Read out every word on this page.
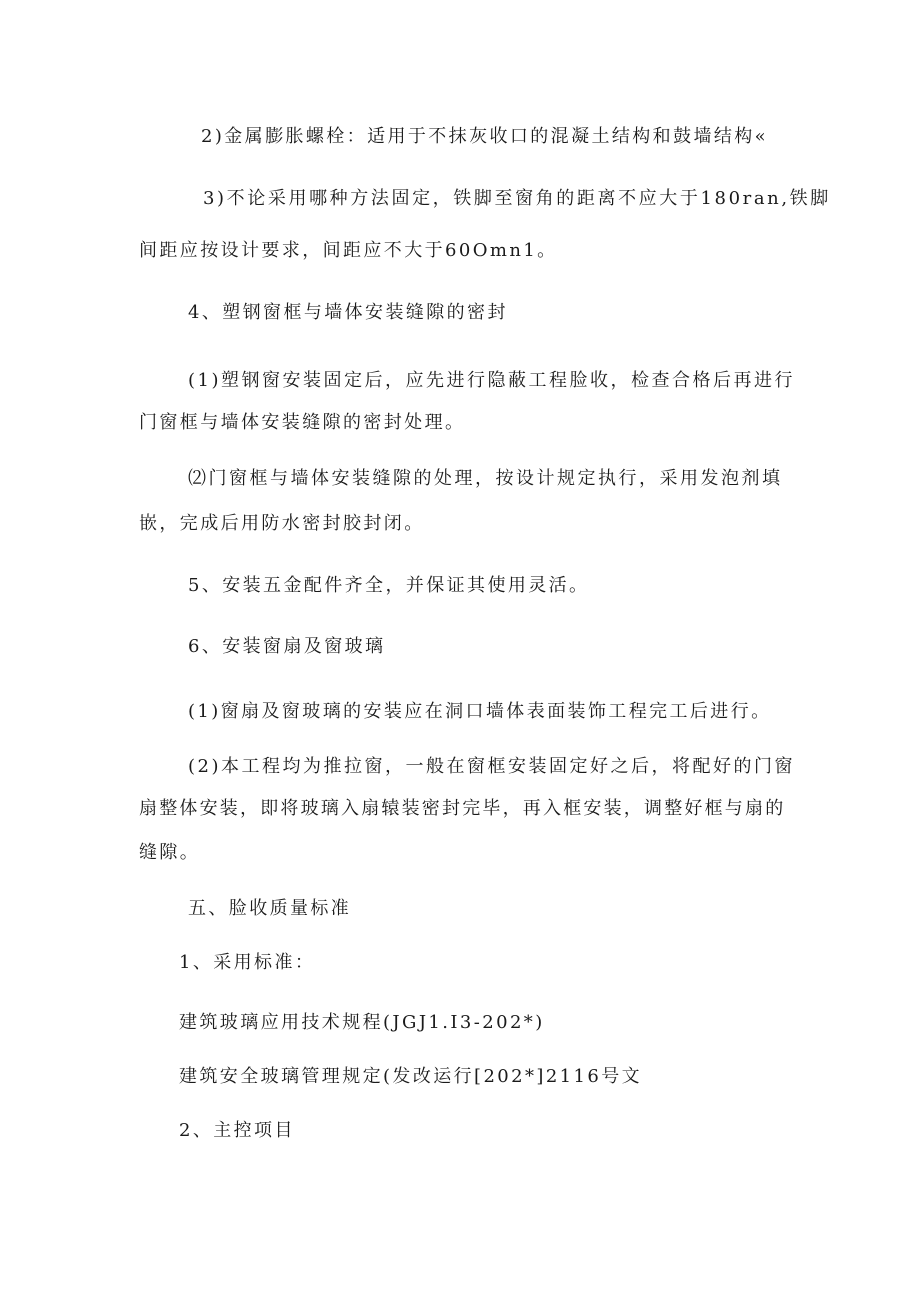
2)金属膨胀螺栓：适用于不抹灰收口的混凝土结构和鼓墙结构«

3)不论采用哪种方法固定，铁脚至窗角的距离不应大于180ran,铁脚

间距应按设计要求，间距应不大于60Omn1。

4、塑钢窗框与墙体安装缝隙的密封

(1)塑钢窗安装固定后，应先进行隐蔽工程脸收，检查合格后再进行

门窗框与墙体安装缝隙的密封处理。

⑵门窗框与墙体安装缝隙的处理，按设计规定执行，采用发泡剂填

嵌，完成后用防水密封胶封闭。

5、安装五金配件齐全，并保证其使用灵活。

6、安装窗扇及窗玻璃

(1)窗扇及窗玻璃的安装应在洞口墙体表面装饰工程完工后进行。

(2)本工程均为推拉窗，一般在窗框安装固定好之后，将配好的门窗

扇整体安装，即将玻璃入扇辕装密封完毕，再入框安装，调整好框与扇的

缝隙。

五、脸收质量标准

1、采用标准：

建筑玻璃应用技术规程(JGJ1.I3-202*)

建筑安全玻璃管理规定(发改运行[202*]2116号文

2、主控项目
